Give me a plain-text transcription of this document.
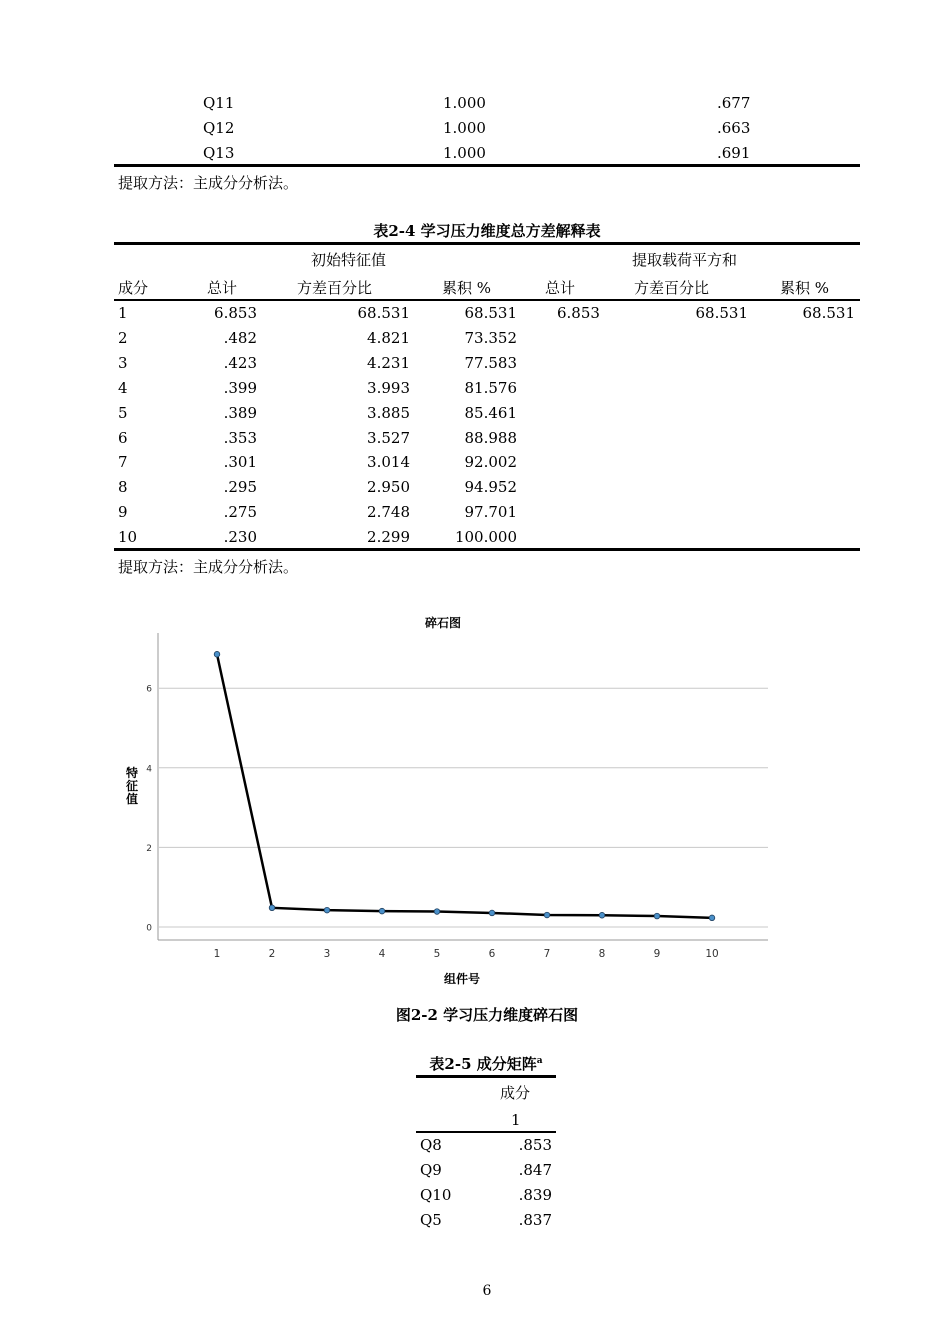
Q11	1.000	.677
Q12	1.000	.663
Q13	1.000	.691
提取方法：主成分分析法。
表2-4 学习压力维度总方差解释表
初始特征值	提取载荷平方和
成分	总计	方差百分比	累积 %	总计	方差百分比	累积 %
1	6.853	68.531	68.531	6.853	68.531	68.531
2	.482	4.821	73.352
3	.423	4.231	77.583
4	.399	3.993	81.576
5	.389	3.885	85.461
6	.353	3.527	88.988
7	.301	3.014	92.002
8	.295	2.950	94.952
9	.275	2.748	97.701
10	.230	2.299	100.000
提取方法：主成分分析法。
碎石图
0
2
4
6
1	2	3	4	5	6	7	8	9	10
组件号
特征值
图2-2 学习压力维度碎石图
表2-5 成分矩阵$^a$
成分
1
Q8	.853
Q9	.847
Q10	.839
Q5	.837
6
